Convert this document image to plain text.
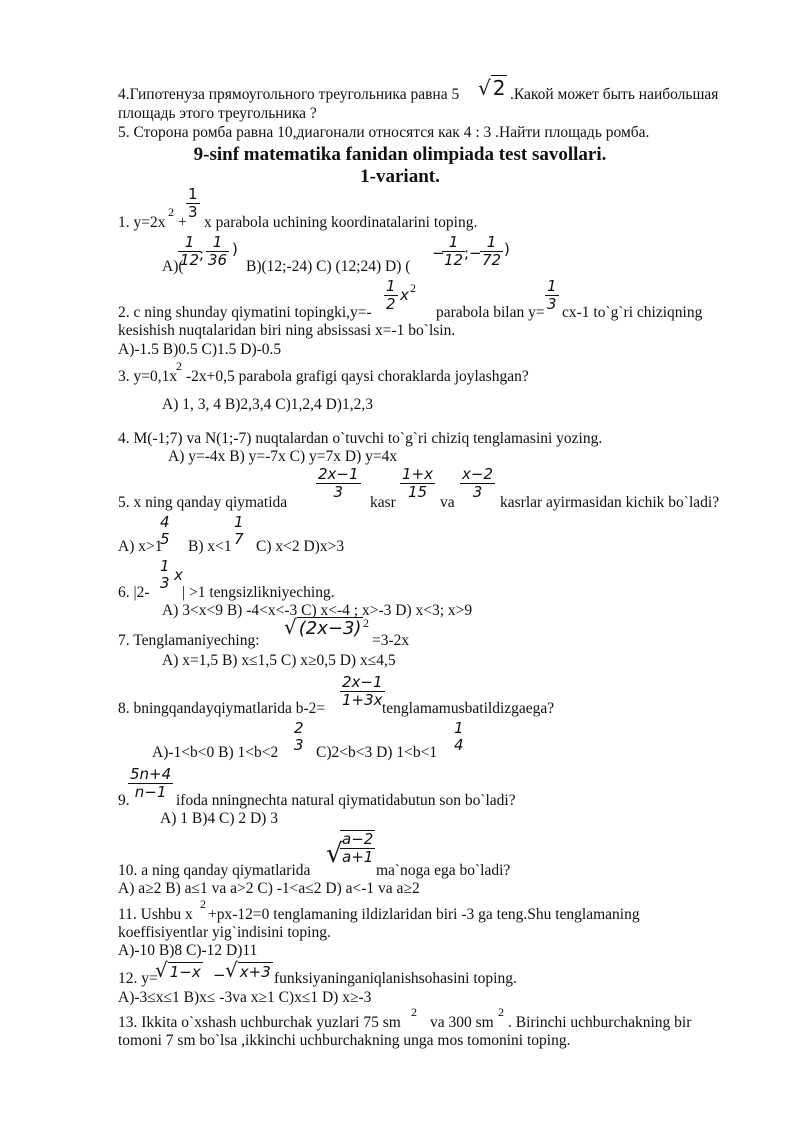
4.Гипотенуза прямоугольного треугольника равна 5 √ 2 .Какой может быть наибольшая
площадь этого треугольника ?
5. Сторона ромба равна 10,диагонали относятся как 4 : 3 .Найти площадь ромба.
9-sinf matematika fanidan olimpiada test savollari.
1-variant.
$\frac{1}{3}$
1. y=2x
2
+ x parabola uchining koordinatalarini toping.
A)(
$\frac{1}{12}$
; $\frac{1}{36}$ )
B)(12;-24) C) (12;24) D) (
−
$\frac{1}{12}$
;−
$\frac{1}{72}$ )
$\frac{1}{2}$ x 2
2. c ning shunday qiymatini topingki,y=-	parabola bilan $y= \frac{1}{3} cx-1$ to`g`ri chiziqning
kesishish nuqtalaridan biri ning absissasi x=-1 bo`lsin.
A)-1.5 B)0.5 C)1.5 D)-0.5
3. y=0,1x
2
-2x+0,5 parabola grafigi qaysi choraklarda joylashgan?
A) 1, 3, 4 B)2,3,4 C)1,2,4 D)1,2,3
4. M(-1;7) va N(1;-7) nuqtalardan o`tuvchi to`g`ri chiziq tenglamasini yozing.
A) y=-4x B) y=-7x C) y=7x D) y=4x
5. x ning qanday qiymatida
$\frac{2x-1}{3}$
kasr
$\frac{1+x}{15}$
va
$\frac{x-2}{3}$
kasrlar ayirmasidan kichik bo`ladi?
A) x>1
4
5 B) x<1
1
7 C) x<2 D)x>3
1
3 x
6. |2- | >1 tengsizlikniyeching.
A) 3<x<9 B) -4<x<-3 C) x<-4 ; x>-3 D) x<3; x>9
7. Tenglamaniyeching:
√ (2x−3) 2
=3-2x
A) x=1,5 B) x≤1,5 C) x≥0,5 D) x≤4,5
8. bningqandayqiymatlarida $b-2= \frac{2x-1}{1+3x}$
tenglamamusbatildizgaega?
A)-1<b<0 B) 1<b<2
2
3 C)2<b<3 D) 1<b<1
1
4
$\frac{5n+4}{n-1}$
9.	ifoda nningnechta natural qiymatidabutun son bo`ladi?
A) 1 B)4 C) 2 D) 3
10. a ning qanday qiymatlarida
√
$\frac{a-2}{a+1}$
ma`noga ega bo`ladi?
A) a≥2 B) a≤1 va a>2 C) -1<a≤2 D) a<-1 va a≥2
11. Ushbu x
2
+px-12=0 tenglamaning ildizlaridan biri -3 ga teng.Shu tenglamaning
koeffisiyentlar yig`indisini toping.
A)-10 B)8 C)-12 D)11
12. y=
√ 1−x − √ x+3 funksiyaninganiqlanishsohasini toping.
A)-3≤x≤1 B)x≤ -3va x≥1 C)x≤1 D) x≥-3
13. Ikkita o`xshash uchburchak yuzlari 75 sm
2
va 300 sm
2
. Birinchi uchburchakning bir
tomoni 7 sm bo`lsa ,ikkinchi uchburchakning unga mos tomonini toping.
